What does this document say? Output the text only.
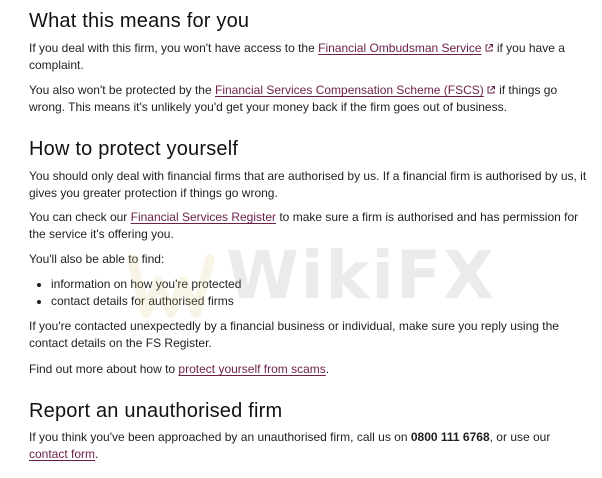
What this means for you

If you deal with this firm, you won't have access to the Financial Ombudsman Service
if you have a complaint.

You also won't be protected by the Financial Services Compensation Scheme (FSCS)
if things go wrong. This means it's unlikely you'd get your money back if the firm goes out of business.

How to protect yourself

You should only deal with financial firms that are authorised by us. If a financial firm is authorised by us, it gives you greater protection if things go wrong.

You can check our Financial Services Register to make sure a firm is authorised and has permission for the service it's offering you.

You'll also be able to find:

• information on how you're protected
• contact details for authorised firms

If you're contacted unexpectedly by a financial business or individual, make sure you reply using the contact details on the FS Register.

Find out more about how to protect yourself from scams.

Report an unauthorised firm

If you think you've been approached by an unauthorised firm, call us on 0800 111 6768, or use our contact form.

WikiFX
